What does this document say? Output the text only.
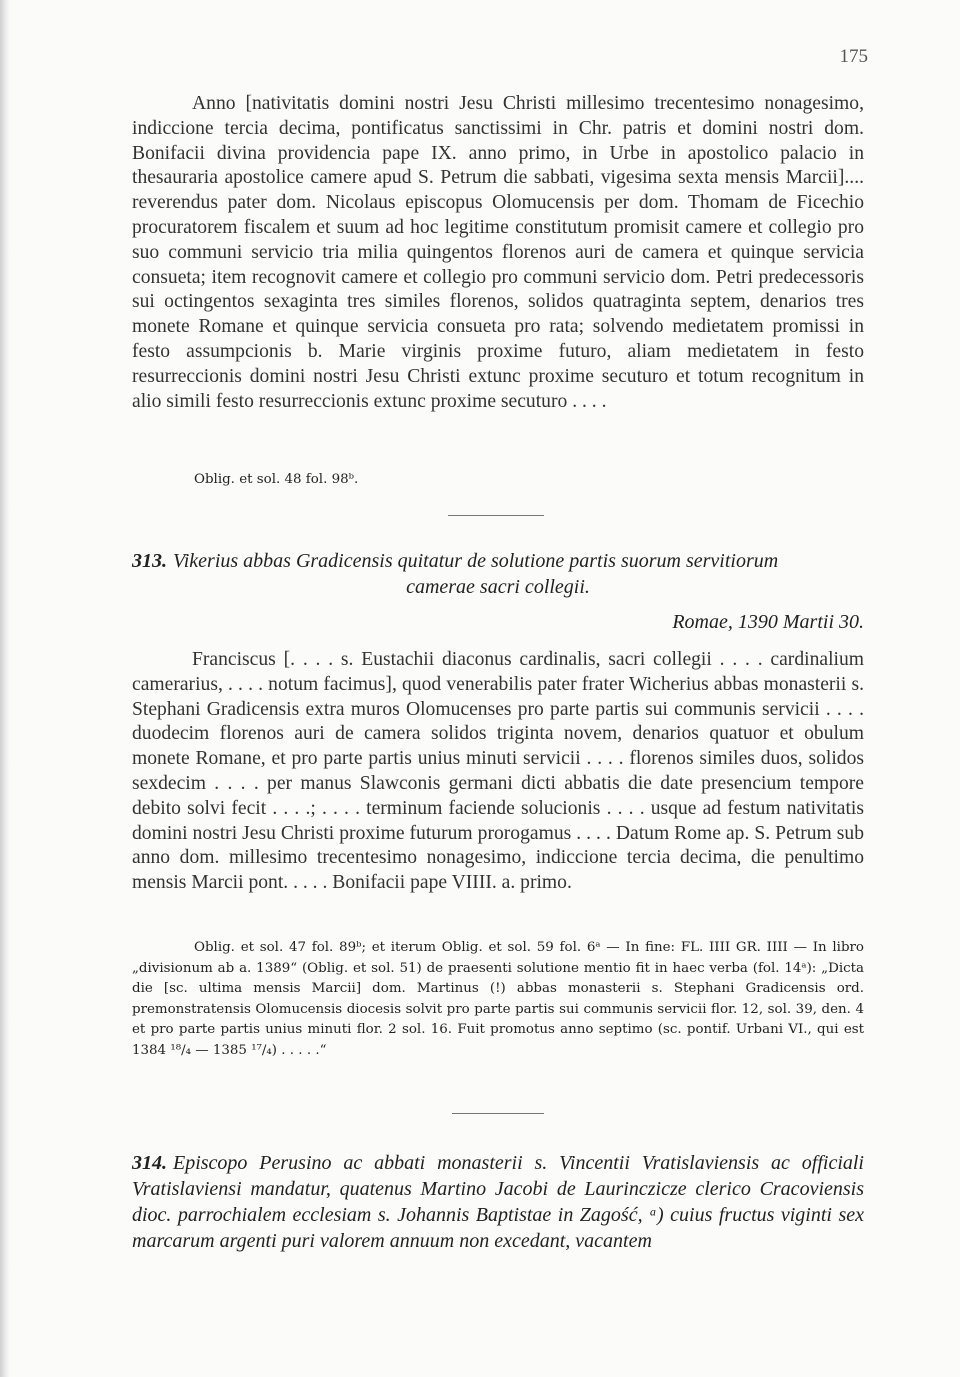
175

Anno [nativitatis domini nostri Jesu Christi millesimo trecentesimo nonagesimo, indiccione tercia decima, pontificatus sanctissimi in Chr. patris et domini nostri dom. Bonifacii divina providencia pape IX. anno primo, in Urbe in apostolico palacio in thesauraria apostolice camere apud S. Petrum die sabbati, vigesima sexta mensis Marcii].... reverendus pater dom. Nicolaus episcopus Olomucensis per dom. Thomam de Ficechio procuratorem fiscalem et suum ad hoc legitime constitutum promisit camere et collegio pro suo communi servicio tria milia quingentos florenos auri de camera et quinque servicia consueta; item recognovit camere et collegio pro communi servicio dom. Petri predecessoris sui octingentos sexaginta tres similes florenos, solidos quatraginta septem, denarios tres monete Romane et quinque servicia consueta pro rata; solvendo medietatem promissi in festo assumpcionis b. Marie virginis proxime futuro, aliam medietatem in festo resurreccionis domini nostri Jesu Christi extunc proxime secuturo et totum recognitum in alio simili festo resurreccionis extunc proxime secuturo . . . .

Oblig. et sol. 48 fol. 98ᵇ.

313. Vikerius abbas Gradicensis quitatur de solutione partis suorum servitiorum

camerae sacri collegii.

Romae, 1390 Martii 30.

Franciscus [. . . . s. Eustachii diaconus cardinalis, sacri collegii . . . . cardinalium camerarius, . . . . notum facimus], quod venerabilis pater frater Wicherius abbas monasterii s. Stephani Gradicensis extra muros Olomucenses pro parte partis sui communis servicii . . . . duodecim florenos auri de camera solidos triginta novem, denarios quatuor et obulum monete Romane, et pro parte partis unius minuti servicii . . . . florenos similes duos, solidos sexdecim . . . . per manus Slawconis germani dicti abbatis die date presencium tempore debito solvi fecit . . . .; . . . . terminum faciende solucionis . . . . usque ad festum nativitatis domini nostri Jesu Christi proxime futurum prorogamus . . . . Datum Rome ap. S. Petrum sub anno dom. millesimo trecentesimo nonagesimo, indiccione tercia decima, die penultimo mensis Marcii pont. . . . . Bonifacii pape VIIII. a. primo.

Oblig. et sol. 47 fol. 89ᵇ; et iterum Oblig. et sol. 59 fol. 6ᵃ — In fine: FL. IIII GR. IIII — In libro „divisionum ab a. 1389“ (Oblig. et sol. 51) de praesenti solutione mentio fit in haec verba (fol. 14ᵃ): „Dicta die [sc. ultima mensis Marcii] dom. Martinus (!) abbas monasterii s. Stephani Gradicensis ord. premonstratensis Olomucensis diocesis solvit pro parte partis sui communis servicii flor. 12, sol. 39, den. 4 et pro parte partis unius minuti flor. 2 sol. 16. Fuit promotus anno septimo (sc. pontif. Urbani VI., qui est 1384 ¹⁸/₄ — 1385 ¹⁷/₄) . . . . .“

314. Episcopo Perusino ac abbati monasterii s. Vincentii Vratislaviensis ac officiali Vratislaviensi mandatur, quatenus Martino Jacobi de Laurinczicze clerico Cracoviensis dioc. parrochialem ecclesiam s. Johannis Baptistae in Zagość, ᵃ) cuius fructus viginti sex marcarum argenti puri valorem annuum non excedant, vacantem
